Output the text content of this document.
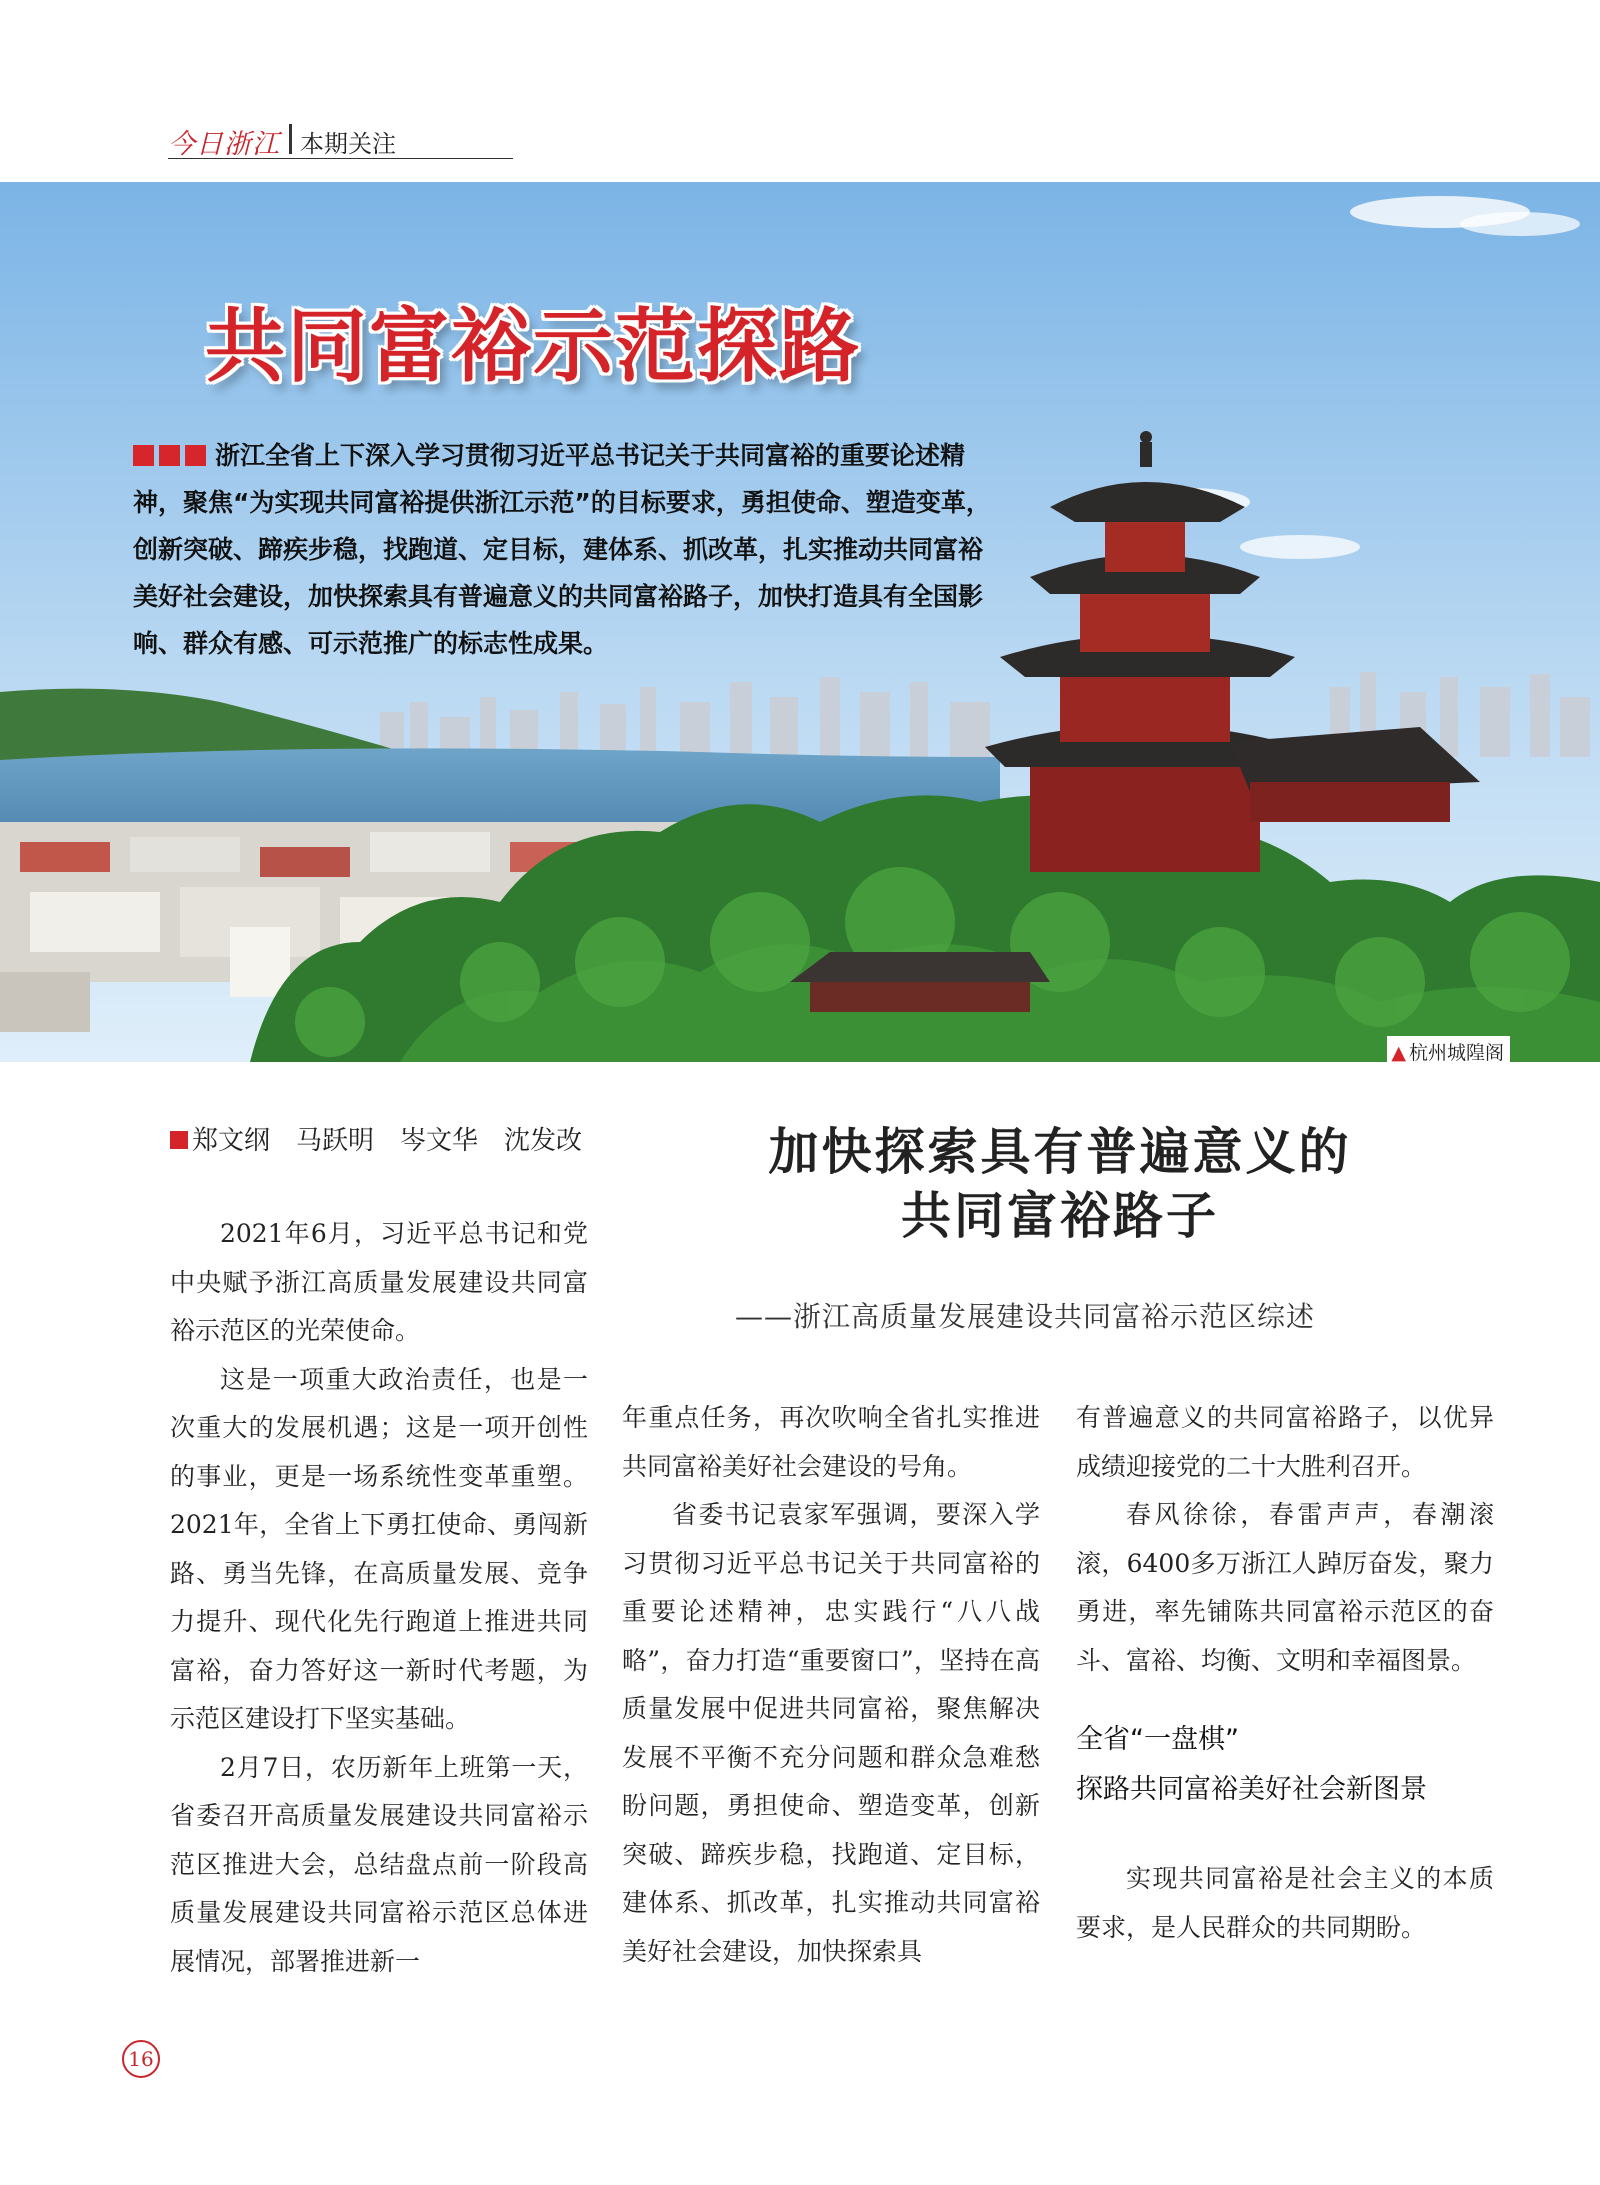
今日浙江 本期关注
共同富裕示范探路
浙江全省上下深入学习贯彻习近平总书记关于共同富裕的重要论述精神，聚焦“为实现共同富裕提供浙江示范”的目标要求，勇担使命、塑造变革，创新突破、蹄疾步稳，找跑道、定目标，建体系、抓改革，扎实推动共同富裕美好社会建设，加快探索具有普遍意义的共同富裕路子，加快打造具有全国影响、群众有感、可示范推广的标志性成果。
▲ 杭州城隍阁
郑文纲　马跃明　岑文华　沈发改	加快探索具有普遍意义的
共同富裕路子
——浙江高质量发展建设共同富裕示范区综述

2021年6月，习近平总书记和党中央赋予浙江高质量发展建设共同富裕示范区的光荣使命。

这是一项重大政治责任，也是一次重大的发展机遇；这是一项开创性的事业，更是一场系统性变革重塑。2021年，全省上下勇扛使命、勇闯新路、勇当先锋，在高质量发展、竞争力提升、现代化先行跑道上推进共同富裕，奋力答好这一新时代考题，为示范区建设打下坚实基础。

2月7日，农历新年上班第一天，省委召开高质量发展建设共同富裕示范区推进大会，总结盘点前一阶段高质量发展建设共同富裕示范区总体进展情况，部署推进新一

年重点任务，再次吹响全省扎实推进共同富裕美好社会建设的号角。

省委书记袁家军强调，要深入学习贯彻习近平总书记关于共同富裕的重要论述精神，忠实践行“八八战略”，奋力打造“重要窗口”，坚持在高质量发展中促进共同富裕，聚焦解决发展不平衡不充分问题和群众急难愁盼问题，勇担使命、塑造变革，创新突破、蹄疾步稳，找跑道、定目标，建体系、抓改革，扎实推动共同富裕美好社会建设，加快探索具

有普遍意义的共同富裕路子，以优异成绩迎接党的二十大胜利召开。

春风徐徐，春雷声声，春潮滚滚，6400多万浙江人踔厉奋发，聚力勇进，率先铺陈共同富裕示范区的奋斗、富裕、均衡、文明和幸福图景。

全省“一盘棋”
探路共同富裕美好社会新图景

实现共同富裕是社会主义的本质要求，是人民群众的共同期盼。

16
